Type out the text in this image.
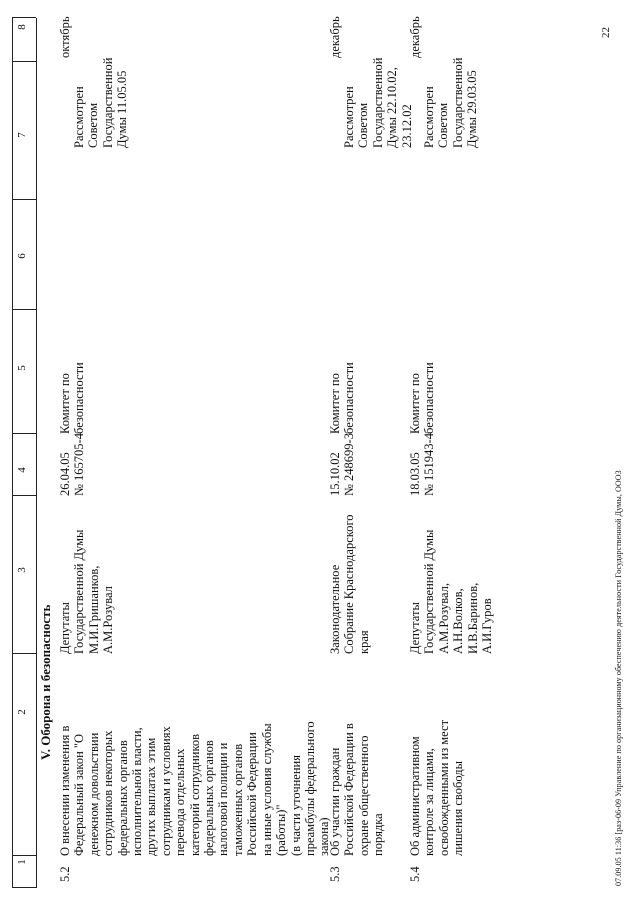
1
2
3
4
5
6
7
8
V. Оборона и безопасность
5.2
О внесении изменения в
Федеральный закон "О
денежном довольствии
сотрудников некоторых
федеральных органов
исполнительной власти,
других выплатах этим
сотрудникам и условиях
перевода отдельных
категорий сотрудников
федеральных органов
налоговой полиции и
таможенных органов
Российской Федерации
на иные условия службы
(работы)"
(в части уточнения
преамбулы федерального
закона)
Депутаты
Государственной Думы
М.И.Гришанков,
А.М.Розувал
26.04.05
№ 165705-4
Комитет по
безопасности
Рассмотрен
Советом
Государственной
Думы 11.05.05
октябрь
5.3
Об участии граждан
Российской Федерации в
охране общественного
порядка
Законодательное
Собрание Краснодарского
края
15.10.02
№ 248699-3
Комитет по
безопасности
Рассмотрен
Советом
Государственной
Думы 22.10.02,
23.12.02
декабрь
5.4
Об административном
контроле за лицами,
освобожденными из мест
лишения свободы
Депутаты
Государственной Думы
А.М.Розувал,
А.Н.Волков,
И.В.Баринов,
А.И.Гуров
18.03.05
№ 151943-4
Комитет по
безопасности
Рассмотрен
Советом
Государственной
Думы 29.03.05
декабрь
07.09.05 11:36 [раз-06-09 Управление по организационному обеспечению деятельности Государственной Думы, ООО3
22
